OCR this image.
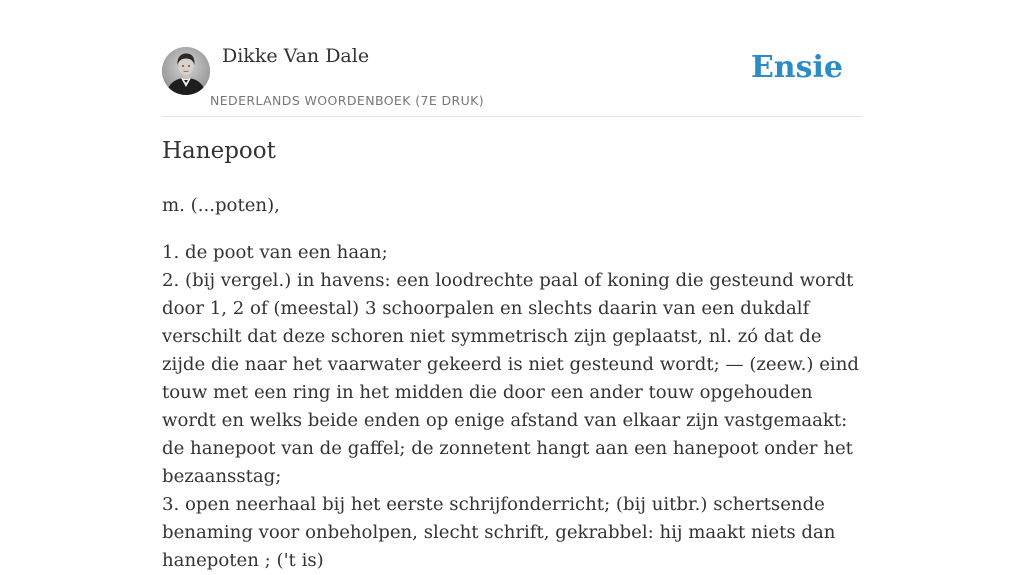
Dikke Van Dale
NEDERLANDS WOORDENBOEK (7E DRUK)
Ensie
Hanepoot

m. (...poten),

1. de poot van een haan;

2. (bij vergel.) in havens: een loodrechte paal of koning die gesteund wordt door 1, 2 of (meestal) 3 schoorpalen en slechts daarin van een dukdalf verschilt dat deze schoren niet symmetrisch zijn geplaatst, nl. zó dat de zijde die naar het vaarwater gekeerd is niet gesteund wordt; — (zeew.) eind touw met een ring in het midden die door een ander touw opgehouden wordt en welks beide enden op enige afstand van elkaar zijn vastgemaakt: de hanepoot van de gaffel; de zonnetent hangt aan een hanepoot onder het bezaansstag;

3. open neerhaal bij het eerste schrijfonderricht; (bij uitbr.) schertsende benaming voor onbeholpen, slecht schrift, gekrabbel: hij maakt niets dan hanepoten ; ('t is)
